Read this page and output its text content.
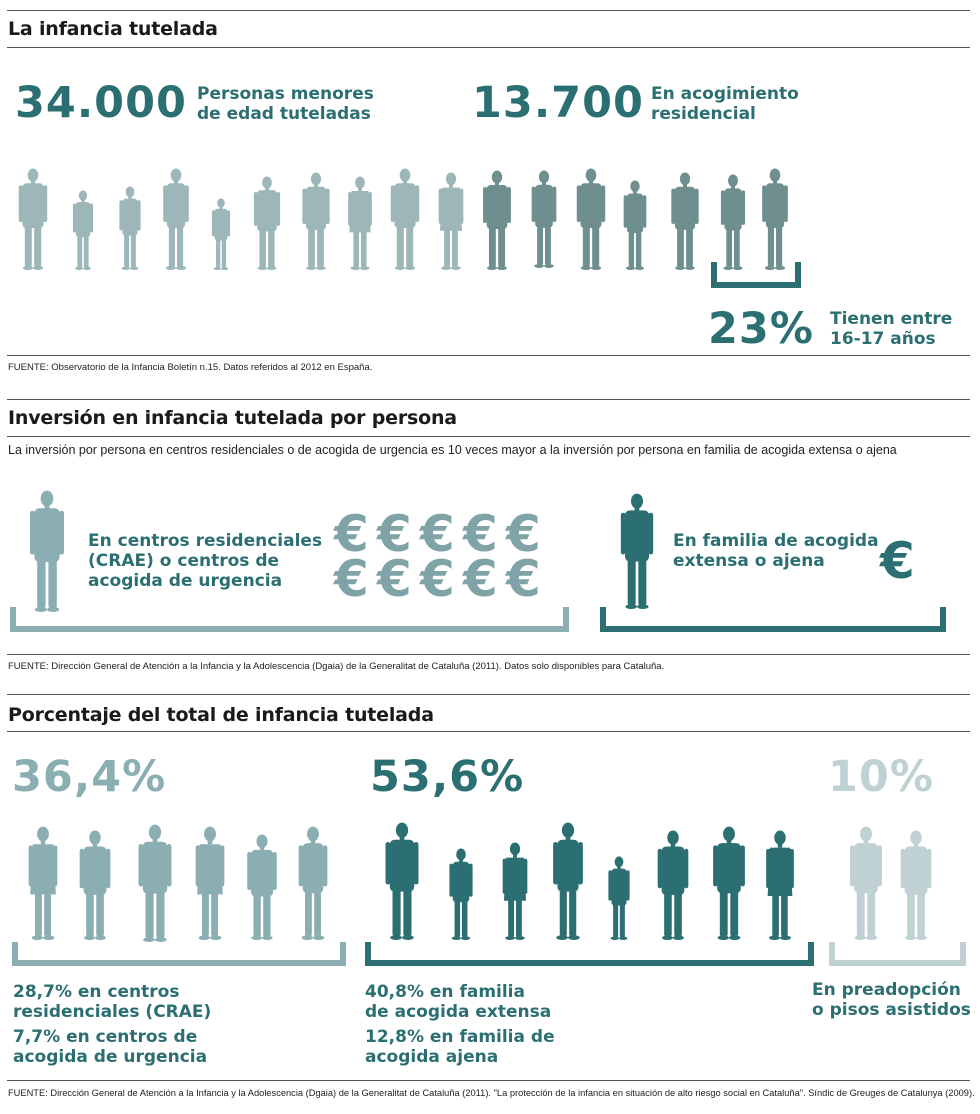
La infancia tutelada
34.000 Personas menores
de edad tuteladas 13.700 En acogimiento
residencial
23% Tienen entre
16-17 años
FUENTE: Observatorio de la Infancia Boletín n.15. Datos referidos al 2012 en España.
Inversión en infancia tutelada por persona
La inversión por persona en centros residenciales o de acogida de urgencia es 10 veces mayor a la inversión por persona en familia de acogida extensa o ajena
En centros residenciales
(CRAE) o centros de
acogida de urgencia
€ € € € €
€ € € € €	€
En familia de acogida
extensa o ajena
FUENTE: Dirección General de Atención a la Infancia y la Adolescencia (Dgaia) de la Generalitat de Cataluña (2011). Datos solo disponibles para Cataluña.
Porcentaje del total de infancia tutelada
36,4%	53,6%	10%
28,7% en centros
residenciales (CRAE)
7,7% en centros de
acogida de urgencia
40,8% en familia
de acogida extensa
12,8% en familia de
acogida ajena
En preadopción
o pisos asistidos
FUENTE: Dirección General de Atención a la Infancia y la Adolescencia (Dgaia) de la Generalitat de Cataluña (2011). "La protección de la infancia en situación de alto riesgo social en Cataluña". Síndic de Greuges de Catalunya (2009).
